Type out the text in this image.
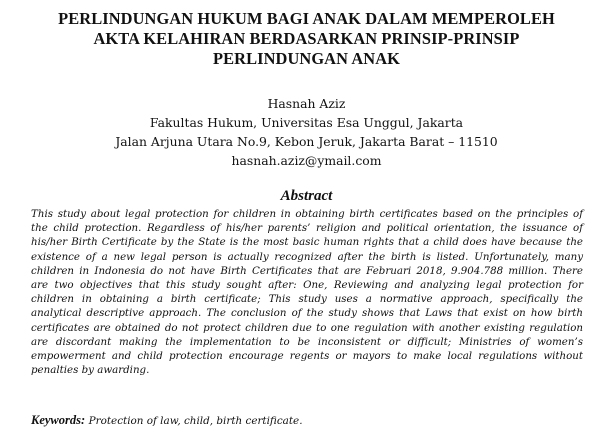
PERLINDUNGAN HUKUM BAGI ANAK DALAM MEMPEROLEH
AKTA KELAHIRAN BERDASARKAN PRINSIP-PRINSIP
PERLINDUNGAN ANAK
Hasnah Aziz
Fakultas Hukum, Universitas Esa Unggul, Jakarta
Jalan Arjuna Utara No.9, Kebon Jeruk, Jakarta Barat – 11510
hasnah.aziz@ymail.com
Abstract
This study about legal protection for children in obtaining birth certificates based on the principles of
the child protection. Regardless of his/her parents’ religion and political orientation, the issuance of
his/her Birth Certificate by the State is the most basic human rights that a child does have because the
existence of a new legal person is actually recognized after the birth is listed. Unfortunately, many
children in Indonesia do not have Birth Certificates that are Februari 2018, 9.904.788 million. There
are two objectives that this study sought after: One, Reviewing and analyzing legal protection for
children in obtaining a birth certificate; This study uses a normative approach, specifically the
analytical descriptive approach. The conclusion of the study shows that Laws that exist on how birth
certificates are obtained do not protect children due to one regulation with another existing regulation
are discordant making the implementation to be inconsistent or difficult; Ministries of women’s
empowerment and child protection encourage regents or mayors to make local regulations without
penalties by awarding.
Keywords: Protection of law, child, birth certificate.
